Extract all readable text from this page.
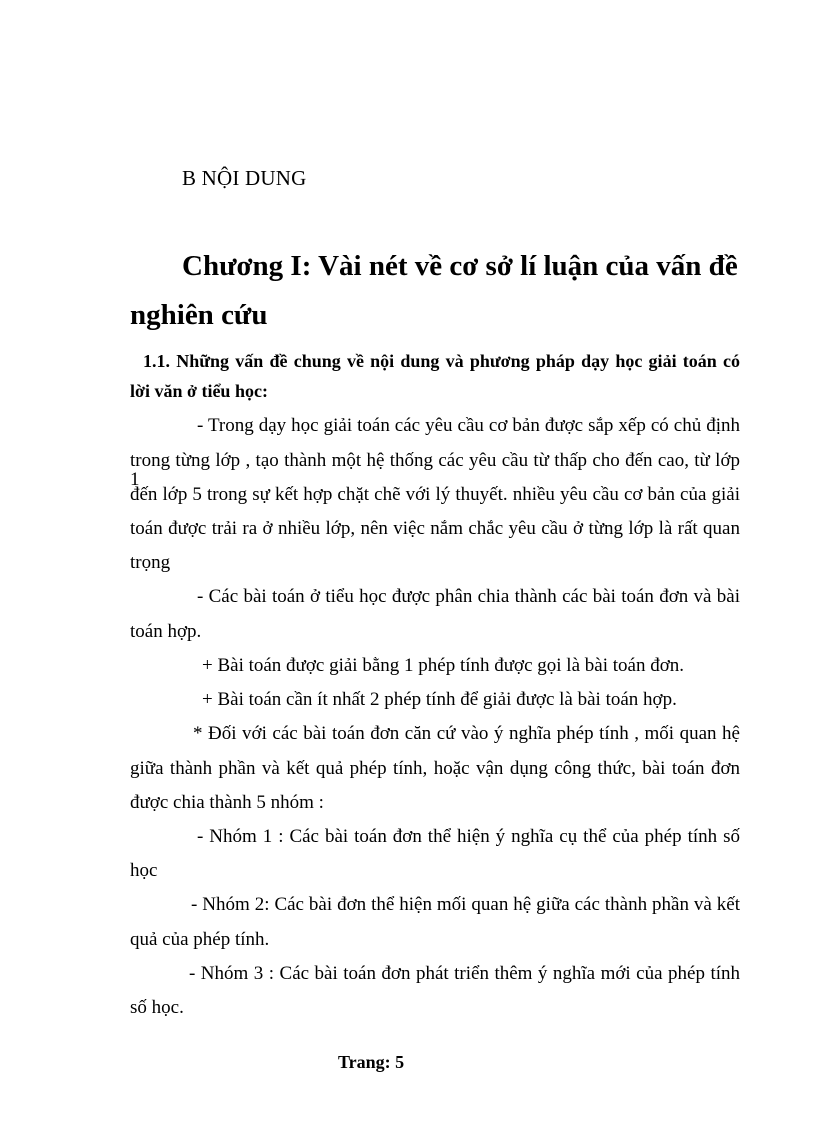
B NỘI DUNG
Chương I: Vài nét về cơ sở lí luận của vấn đề
nghiên cứu
1.1. Những vấn đề chung về nội dung và phương pháp dạy học giải toán có
lời văn ở tiểu học:
- Trong dạy học giải toán các yêu cầu cơ bản được sắp xếp có chủ định
trong từng lớp , tạo thành một hệ thống các yêu cầu từ thấp cho đến cao, từ lớp 1
đến lớp 5 trong sự kết hợp chặt chẽ với lý thuyết. nhiều yêu cầu cơ bản của giải
toán được trải ra ở nhiều lớp, nên việc nắm chắc yêu cầu ở từng lớp là rất quan
trọng
- Các bài toán ở tiểu học được phân chia thành các bài toán đơn và bài
toán hợp.
+ Bài toán được giải bằng 1 phép tính được gọi là bài toán đơn.
+ Bài toán cần ít nhất 2 phép tính để giải được là bài toán hợp.
* Đối với các bài toán đơn căn cứ vào ý nghĩa phép tính , mối quan hệ
giữa thành phần và kết quả phép tính, hoặc vận dụng công thức, bài toán đơn
được chia thành 5 nhóm :
- Nhóm 1 : Các bài toán đơn thể hiện ý nghĩa cụ thể của phép tính số
học
- Nhóm 2: Các bài đơn thể hiện mối quan hệ giữa các thành phần và kết
quả của phép tính.
- Nhóm 3 : Các bài toán đơn phát triển thêm ý nghĩa mới của phép tính
số học.
Trang: 5
